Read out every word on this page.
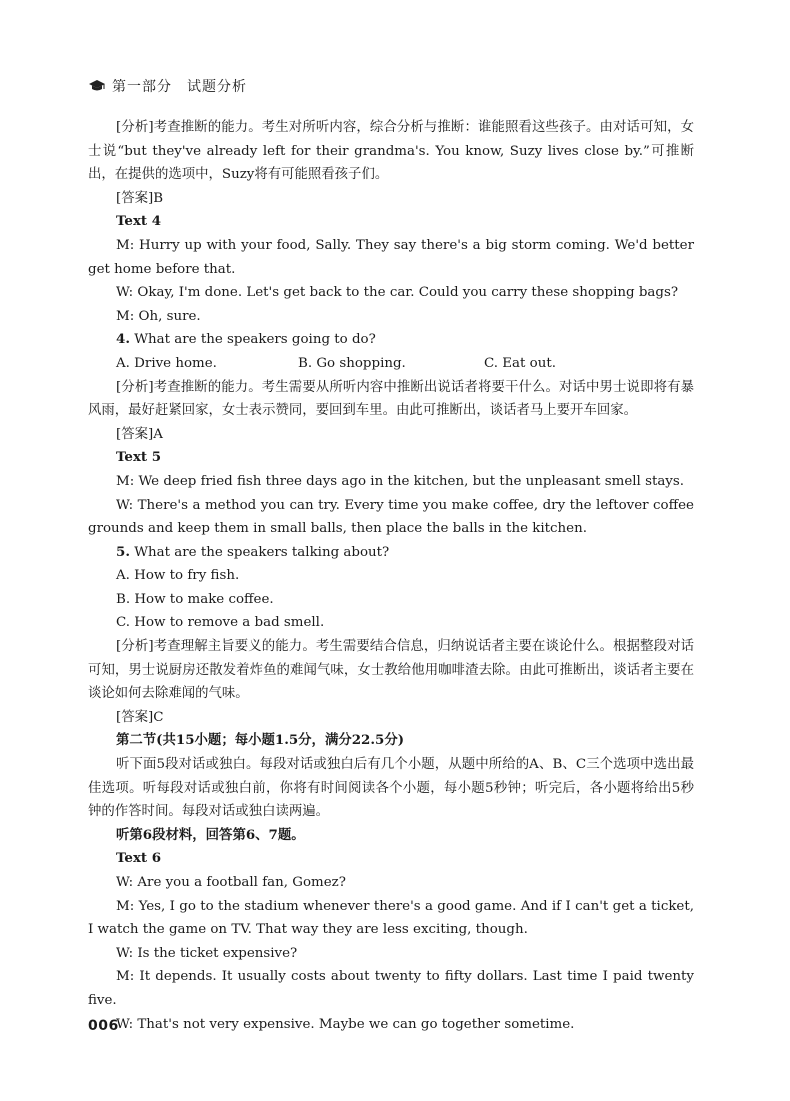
第一部分　试题分析

[分析]考查推断的能力。考生对所听内容，综合分析与推断：谁能照看这些孩子。由对话可知，女士说“but they've already left for their grandma's. You know, Suzy lives close by.”可推断出，在提供的选项中，Suzy将有可能照看孩子们。

[答案]B

Text 4

M: Hurry up with your food, Sally. They say there's a big storm coming. We'd better get home before that.

W: Okay, I'm done. Let's get back to the car. Could you carry these shopping bags?

M: Oh, sure.

4. What are the speakers going to do?

A. Drive home.	B. Go shopping.	C. Eat out.

[分析]考查推断的能力。考生需要从所听内容中推断出说话者将要干什么。对话中男士说即将有暴风雨，最好赶紧回家，女士表示赞同，要回到车里。由此可推断出，谈话者马上要开车回家。

[答案]A

Text 5

M: We deep fried fish three days ago in the kitchen, but the unpleasant smell stays.

W: There's a method you can try. Every time you make coffee, dry the leftover coffee grounds and keep them in small balls, then place the balls in the kitchen.

5. What are the speakers talking about?

A. How to fry fish.

B. How to make coffee.

C. How to remove a bad smell.

[分析]考查理解主旨要义的能力。考生需要结合信息，归纳说话者主要在谈论什么。根据整段对话可知，男士说厨房还散发着炸鱼的难闻气味，女士教给他用咖啡渣去除。由此可推断出，谈话者主要在谈论如何去除难闻的气味。

[答案]C

第二节(共15小题；每小题1.5分，满分22.5分)

听下面5段对话或独白。每段对话或独白后有几个小题，从题中所给的A、B、C三个选项中选出最佳选项。听每段对话或独白前，你将有时间阅读各个小题，每小题5秒钟；听完后，各小题将给出5秒钟的作答时间。每段对话或独白读两遍。

听第6段材料，回答第6、7题。

Text 6

W: Are you a football fan, Gomez?

M: Yes, I go to the stadium whenever there's a good game. And if I can't get a ticket, I watch the game on TV. That way they are less exciting, though.

W: Is the ticket expensive?

M: It depends. It usually costs about twenty to fifty dollars. Last time I paid twenty five.

W: That's not very expensive. Maybe we can go together sometime.

006
